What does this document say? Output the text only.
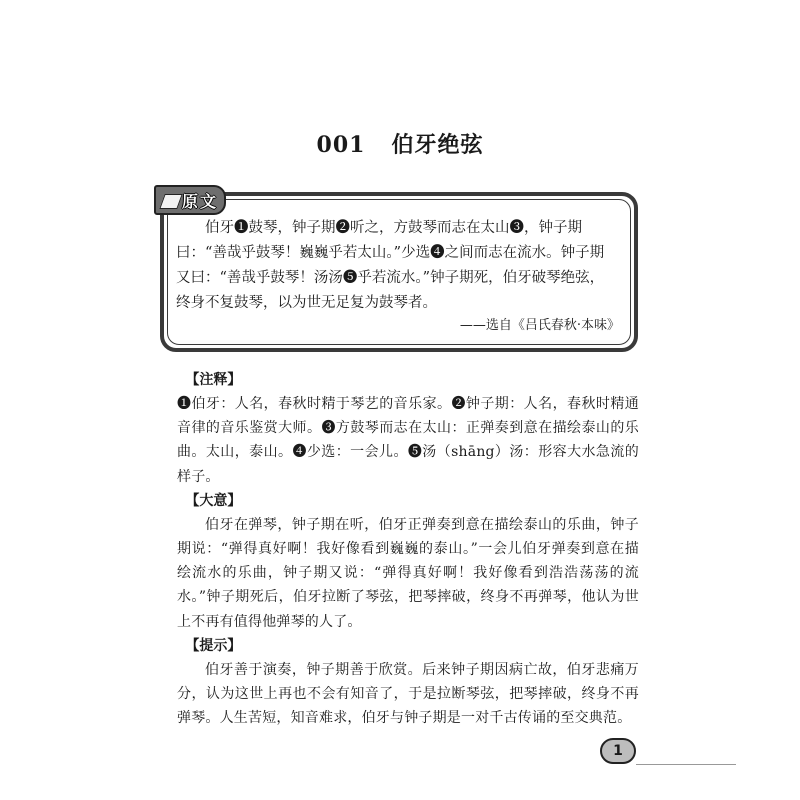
001 伯牙绝弦
原文

伯牙❶鼓琴，钟子期❷听之，方鼓琴而志在太山❸，钟子期曰：“善哉乎鼓琴！巍巍乎若太山。”少选❹之间而志在流水。钟子期又曰：“善哉乎鼓琴！汤汤❺乎若流水。”钟子期死，伯牙破琴绝弦，终身不复鼓琴，以为世无足复为鼓琴者。

——选自《吕氏春秋·本味》

【注释】

❶伯牙：人名，春秋时精于琴艺的音乐家。❷钟子期：人名，春秋时精通音律的音乐鉴赏大师。❸方鼓琴而志在太山：正弹奏到意在描绘泰山的乐曲。太山，泰山。❹少选：一会儿。❺汤（shāng）汤：形容大水急流的样子。

【大意】

伯牙在弹琴，钟子期在听，伯牙正弹奏到意在描绘泰山的乐曲，钟子期说：“弹得真好啊！我好像看到巍巍的泰山。”一会儿伯牙弹奏到意在描绘流水的乐曲，钟子期又说：“弹得真好啊！我好像看到浩浩荡荡的流水。”钟子期死后，伯牙拉断了琴弦，把琴摔破，终身不再弹琴，他认为世上不再有值得他弹琴的人了。

【提示】

伯牙善于演奏，钟子期善于欣赏。后来钟子期因病亡故，伯牙悲痛万分，认为这世上再也不会有知音了，于是拉断琴弦，把琴摔破，终身不再弹琴。人生苦短，知音难求，伯牙与钟子期是一对千古传诵的至交典范。

1
